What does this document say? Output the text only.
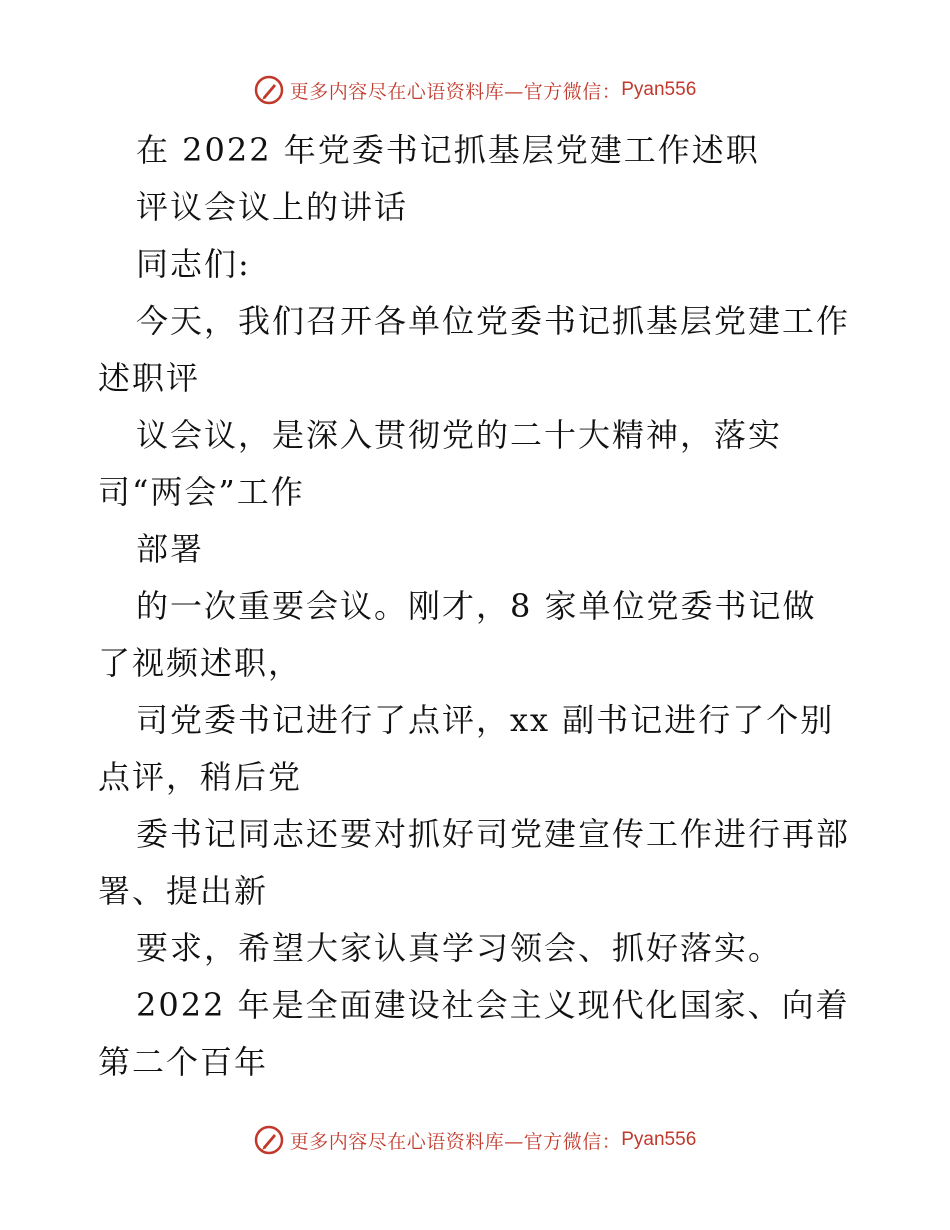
更多内容尽在心语资料库—官方微信： Pyan556
在 2022 年党委书记抓基层党建工作述职
评议会议上的讲话
同志们:
今天，我们召开各单位党委书记抓基层党建工作
述职评
议会议，是深入贯彻党的二十大精神，落实
司“两会”工作
部署
的一次重要会议。刚才，8 家单位党委书记做
了视频述职，
司党委书记进行了点评，xx 副书记进行了个别
点评，稍后党
委书记同志还要对抓好司党建宣传工作进行再部
署、提出新
要求，希望大家认真学习领会、抓好落实。
2022 年是全面建设社会主义现代化国家、向着
第二个百年
更多内容尽在心语资料库—官方微信： Pyan556
